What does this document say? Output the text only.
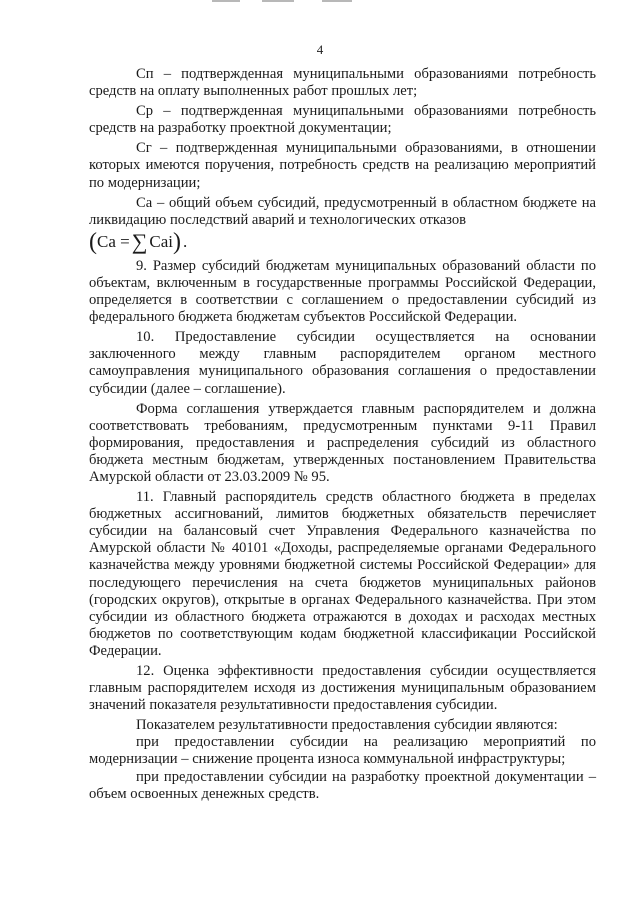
4

Сп – подтвержденная муниципальными образованиями потребность средств на оплату выполненных работ прошлых лет;

Ср – подтвержденная муниципальными образованиями потребность средств на разработку проектной документации;

Сг – подтвержденная муниципальными образованиями, в отношении которых имеются поручения, потребность средств на реализацию мероприятий по модернизации;

Са – общий объем субсидий, предусмотренный в областном бюджете на ликвидацию последствий аварий и технологических отказов

( Са = ∑ Саi ) .

9. Размер субсидий бюджетам муниципальных образований области по объектам, включенным в государственные программы Российской Федерации, определяется в соответствии с соглашением о предоставлении субсидий из федерального бюджета бюджетам субъектов Российской Федерации.

10. Предоставление субсидии осуществляется на основании заключенного между главным распорядителем органом местного самоуправления муниципального образования соглашения о предоставлении субсидии (далее – соглашение).

Форма соглашения утверждается главным распорядителем и должна соответствовать требованиям, предусмотренным пунктами 9-11 Правил формирования, предоставления и распределения субсидий из областного бюджета местным бюджетам, утвержденных постановлением Правительства Амурской области от 23.03.2009 № 95.

11. Главный распорядитель средств областного бюджета в пределах бюджетных ассигнований, лимитов бюджетных обязательств перечисляет субсидии на балансовый счет Управления Федерального казначейства по Амурской области № 40101 «Доходы, распределяемые органами Федерального казначейства между уровнями бюджетной системы Российской Федерации» для последующего перечисления на счета бюджетов муниципальных районов (городских округов), открытые в органах Федерального казначейства. При этом субсидии из областного бюджета отражаются в доходах и расходах местных бюджетов по соответствующим кодам бюджетной классификации Российской Федерации.

12. Оценка эффективности предоставления субсидии осуществляется главным распорядителем исходя из достижения муниципальным образованием значений показателя результативности предоставления субсидии.

Показателем результативности предоставления субсидии являются:

при предоставлении субсидии на реализацию мероприятий по модернизации – снижение процента износа коммунальной инфраструктуры;

при предоставлении субсидии на разработку проектной документации – объем освоенных денежных средств.
